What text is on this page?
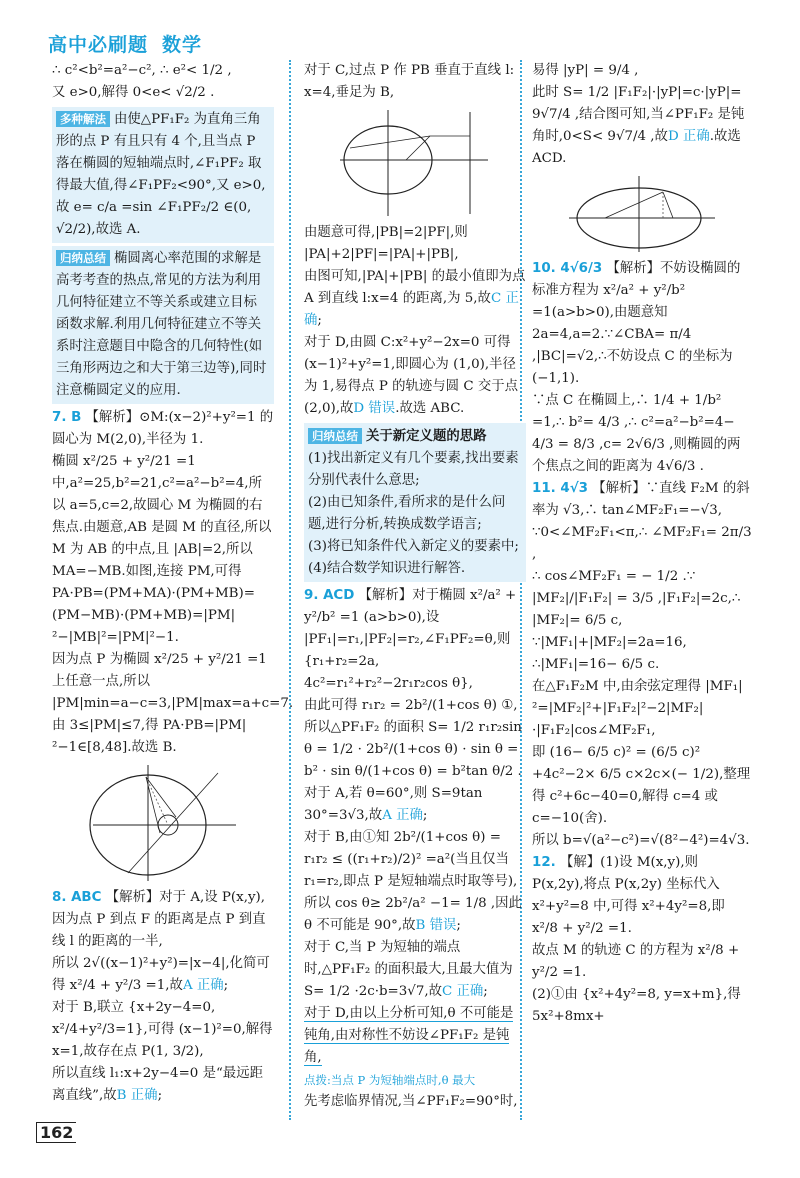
高中必刷题 数学

∴ c²<b²=a²−c², ∴ e²< 1/2 ,

又 e>0,解得 0<e< √2/2 .

多种解法 由使△PF₁F₂ 为直角三角形的点 P 有且只有 4 个,且当点 P 落在椭圆的短轴端点时,∠F₁PF₂ 取得最大值,得∠F₁PF₂<90°,又 e>0,故 e= c/a =sin ∠F₁PF₂/2 ∈(0, √2/2),故选 A.
归纳总结 椭圆离心率范围的求解是高考考查的热点,常见的方法为利用几何特征建立不等关系或建立目标函数求解.利用几何特征建立不等关系时注意题目中隐含的几何特性(如三角形两边之和大于第三边等),同时注意椭圆定义的应用.

7. B 【解析】⊙M:(x−2)²+y²=1 的圆心为 M(2,0),半径为 1.

椭圆 x²/25 + y²/21 =1 中,a²=25,b²=21,c²=a²−b²=4,所以 a=5,c=2,故圆心 M 为椭圆的右焦点.由题意,AB 是圆 M 的直径,所以 M 为 AB 的中点,且 |AB|=2,所以 MA=−MB.如图,连接 PM,可得 PA·PB=(PM+MA)·(PM+MB)=(PM−MB)·(PM+MB)=|PM|²−|MB|²=|PM|²−1.

因为点 P 为椭圆 x²/25 + y²/21 =1 上任意一点,所以 |PM|min=a−c=3,|PM|max=a+c=7.

由 3≤|PM|≤7,得 PA·PB=|PM|²−1∈[8,48].故选 B.

8. ABC 【解析】对于 A,设 P(x,y),因为点 P 到点 F 的距离是点 P 到直线 l 的距离的一半,

所以 2√((x−1)²+y²)=|x−4|,化简可得 x²/4 + y²/3 =1,故A 正确;

对于 B,联立 {x+2y−4=0, x²/4+y²/3=1},可得 (x−1)²=0,解得 x=1,故存在点 P(1, 3/2),

所以直线 l₁:x+2y−4=0 是“最远距离直线”,故B 正确;

对于 C,过点 P 作 PB 垂直于直线 l: x=4,垂足为 B,

由题意可得,|PB|=2|PF|,则 |PA|+2|PF|=|PA|+|PB|,

由图可知,|PA|+|PB| 的最小值即为点 A 到直线 l:x=4 的距离,为 5,故C 正确;

对于 D,由圆 C:x²+y²−2x=0 可得 (x−1)²+y²=1,即圆心为 (1,0),半径为 1,易得点 P 的轨迹与圆 C 交于点 (2,0),故D 错误.故选 ABC.

归纳总结 关于新定义题的思路

(1)找出新定义有几个要素,找出要素分别代表什么意思;

(2)由已知条件,看所求的是什么问题,进行分析,转换成数学语言;

(3)将已知条件代入新定义的要素中;

(4)结合数学知识进行解答.

9. ACD 【解析】对于椭圆 x²/a² + y²/b² =1 (a>b>0),设 |PF₁|=r₁,|PF₂|=r₂,∠F₁PF₂=θ,则 {r₁+r₂=2a, 4c²=r₁²+r₂²−2r₁r₂cos θ},

由此可得 r₁r₂ = 2b²/(1+cos θ) ①,

所以△PF₁F₂ 的面积 S= 1/2 r₁r₂sin θ = 1/2 · 2b²/(1+cos θ) · sin θ = b² · sin θ/(1+cos θ) = b²tan θ/2 .

对于 A,若 θ=60°,则 S=9tan 30°=3√3,故A 正确;

对于 B,由①知 2b²/(1+cos θ) = r₁r₂ ≤ ((r₁+r₂)/2)² =a²(当且仅当 r₁=r₂,即点 P 是短轴端点时取等号),

所以 cos θ≥ 2b²/a² −1= 1/8 ,因此 θ 不可能是 90°,故B 错误;

对于 C,当 P 为短轴的端点时,△PF₁F₂ 的面积最大,且最大值为 S= 1/2 ·2c·b=3√7,故C 正确;

对于 D,由以上分析可知,θ 不可能是钝角,由对称性不妨设∠PF₁F₂ 是钝角,

点拨:当点 P 为短轴端点时,θ 最大

先考虑临界情况,当∠PF₁F₂=90°时,

易得 |yP| = 9/4 ,

此时 S= 1/2 |F₁F₂|·|yP|=c·|yP|= 9√7/4 ,结合图可知,当∠PF₁F₂ 是钝角时,0<S< 9√7/4 ,故D 正确.故选 ACD.

10. 4√6/3 【解析】不妨设椭圆的标准方程为 x²/a² + y²/b² =1(a>b>0),由题意知 2a=4,a=2.∵∠CBA= π/4 ,|BC|=√2,∴不妨设点 C 的坐标为 (−1,1).

∵点 C 在椭圆上,∴ 1/4 + 1/b² =1,∴ b²= 4/3 ,∴ c²=a²−b²=4− 4/3 = 8/3 ,c= 2√6/3 ,则椭圆的两个焦点之间的距离为 4√6/3 .

11. 4√3 【解析】∵直线 F₂M 的斜率为 √3,∴ tan∠MF₂F₁=−√3,

∵0<∠MF₂F₁<π,∴ ∠MF₂F₁= 2π/3 ,

∴ cos∠MF₂F₁ = − 1/2 .∵ |MF₂|/|F₁F₂| = 3/5 ,|F₁F₂|=2c,∴ |MF₂|= 6/5 c,

∵|MF₁|+|MF₂|=2a=16,

∴|MF₁|=16− 6/5 c.

在△F₁F₂M 中,由余弦定理得 |MF₁|²=|MF₂|²+|F₁F₂|²−2|MF₂|·|F₁F₂|cos∠MF₂F₁,

即 (16− 6/5 c)² = (6/5 c)² +4c²−2× 6/5 c×2c×(− 1/2),整理得 c²+6c−40=0,解得 c=4 或 c=−10(舍).

所以 b=√(a²−c²)=√(8²−4²)=4√3.

12. 【解】(1)设 M(x,y),则 P(x,2y),将点 P(x,2y) 坐标代入 x²+y²=8 中,可得 x²+4y²=8,即 x²/8 + y²/2 =1.

故点 M 的轨迹 C 的方程为 x²/8 + y²/2 =1.

(2)①由 {x²+4y²=8, y=x+m},得 5x²+8mx+

162
